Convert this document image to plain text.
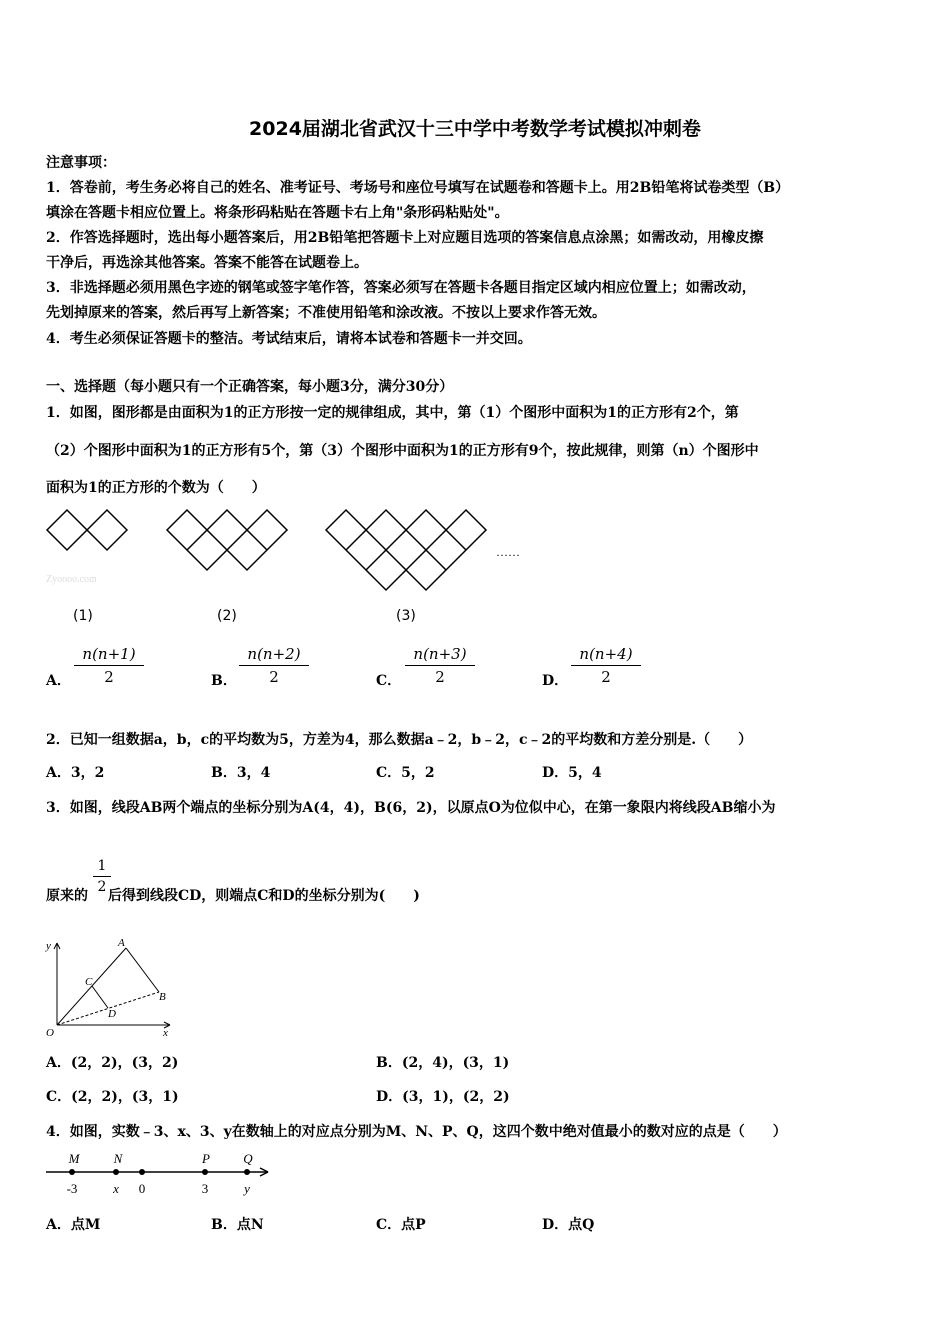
2024届湖北省武汉十三中学中考数学考试模拟冲刺卷
注意事项：
1．答卷前，考生务必将自己的姓名、准考证号、考场号和座位号填写在试题卷和答题卡上。用2B铅笔将试卷类型（B）
填涂在答题卡相应位置上。将条形码粘贴在答题卡右上角"条形码粘贴处"。
2．作答选择题时，选出每小题答案后，用2B铅笔把答题卡上对应题目选项的答案信息点涂黑；如需改动，用橡皮擦
干净后，再选涂其他答案。答案不能答在试题卷上。
3．非选择题必须用黑色字迹的钢笔或签字笔作答，答案必须写在答题卡各题目指定区域内相应位置上；如需改动，
先划掉原来的答案，然后再写上新答案；不准使用铅笔和涂改液。不按以上要求作答无效。
4．考生必须保证答题卡的整洁。考试结束后，请将本试卷和答题卡一并交回。
一、选择题（每小题只有一个正确答案，每小题3分，满分30分）
1．如图，图形都是由面积为1的正方形按一定的规律组成，其中，第（1）个图形中面积为1的正方形有2个，第
（2）个图形中面积为1的正方形有5个，第（3）个图形中面积为1的正方形有9个，按此规律，则第（n）个图形中
面积为1的正方形的个数为（　　）
……
Zyoooo.com
(1)	(2)	(3)
A． $\frac{n(n+1)}{2}$	B． $\frac{n(n+2)}{2}$	C． $\frac{n(n+3)}{2}$	D． $\frac{n(n+4)}{2}$
2．已知一组数据a，b，c的平均数为5，方差为4，那么数据a﹣2，b﹣2，c﹣2的平均数和方差分别是.（　　）
A．3，2	B．3，4	C．5，2	D．5，4
3．如图，线段AB两个端点的坐标分别为A(4，4)，B(6，2)，以原点O为位似中心，在第一象限内将线段AB缩小为
原来的 后得到线段CD，则端点C和D的坐标分别为(　　)
$\frac{1}{2}$
y
x
O
A
B
C
D
A．(2，2)，(3，2)	B．(2，4)，(3，1)
C．(2，2)，(3，1)	D．(3，1)，(2，2)
4．如图，实数﹣3、x、3、y在数轴上的对应点分别为M、N、P、Q，这四个数中绝对值最小的数对应的点是（　　）
M	N	P	Q
-3	x 0	3	y
A．点M	B．点N	C．点P	D．点Q
